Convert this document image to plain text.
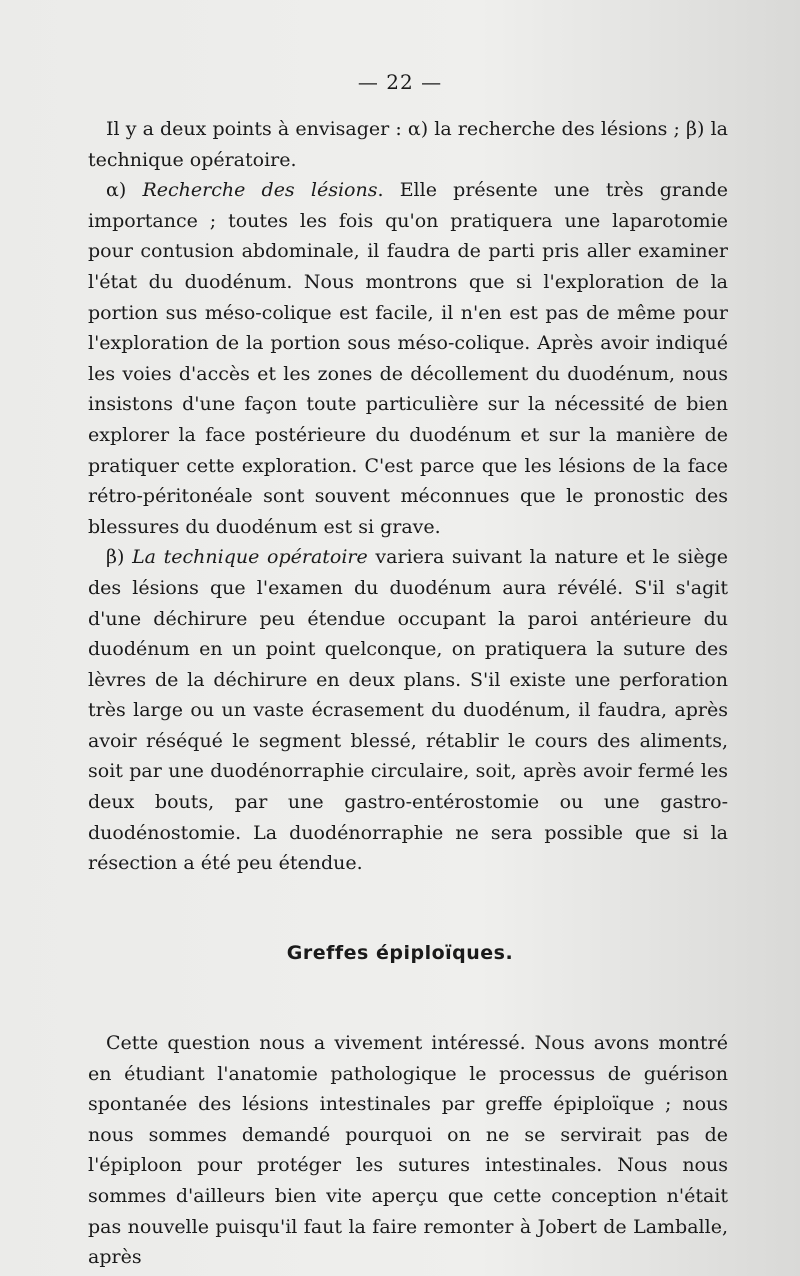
— 22 —

Il y a deux points à envisager : α) la recherche des lésions ; β) la technique opératoire.

α) Recherche des lésions. Elle présente une très grande importance ; toutes les fois qu'on pratiquera une laparotomie pour contusion abdominale, il faudra de parti pris aller examiner l'état du duodénum. Nous montrons que si l'exploration de la portion sus méso-colique est facile, il n'en est pas de même pour l'exploration de la portion sous méso-colique. Après avoir indiqué les voies d'accès et les zones de décollement du duodénum, nous insistons d'une façon toute particulière sur la nécessité de bien explorer la face postérieure du duodénum et sur la manière de pratiquer cette exploration. C'est parce que les lésions de la face rétro-péritonéale sont souvent méconnues que le pronostic des blessures du duodénum est si grave.

β) La technique opératoire variera suivant la nature et le siège des lésions que l'examen du duodénum aura révélé. S'il s'agit d'une déchirure peu étendue occupant la paroi antérieure du duodénum en un point quelconque, on pratiquera la suture des lèvres de la déchirure en deux plans. S'il existe une perforation très large ou un vaste écrasement du duodénum, il faudra, après avoir réséqué le segment blessé, rétablir le cours des aliments, soit par une duodénorraphie circulaire, soit, après avoir fermé les deux bouts, par une gastro-entérostomie ou une gastro-duodénostomie. La duodénorraphie ne sera possible que si la résection a été peu étendue.

Greffes épiploïques.

Cette question nous a vivement intéressé. Nous avons montré en étudiant l'anatomie pathologique le processus de guérison spontanée des lésions intestinales par greffe épiploïque ; nous nous sommes demandé pourquoi on ne se servirait pas de l'épiploon pour protéger les sutures intestinales. Nous nous sommes d'ailleurs bien vite aperçu que cette conception n'était pas nouvelle puisqu'il faut la faire remonter à Jobert de Lamballe, après
